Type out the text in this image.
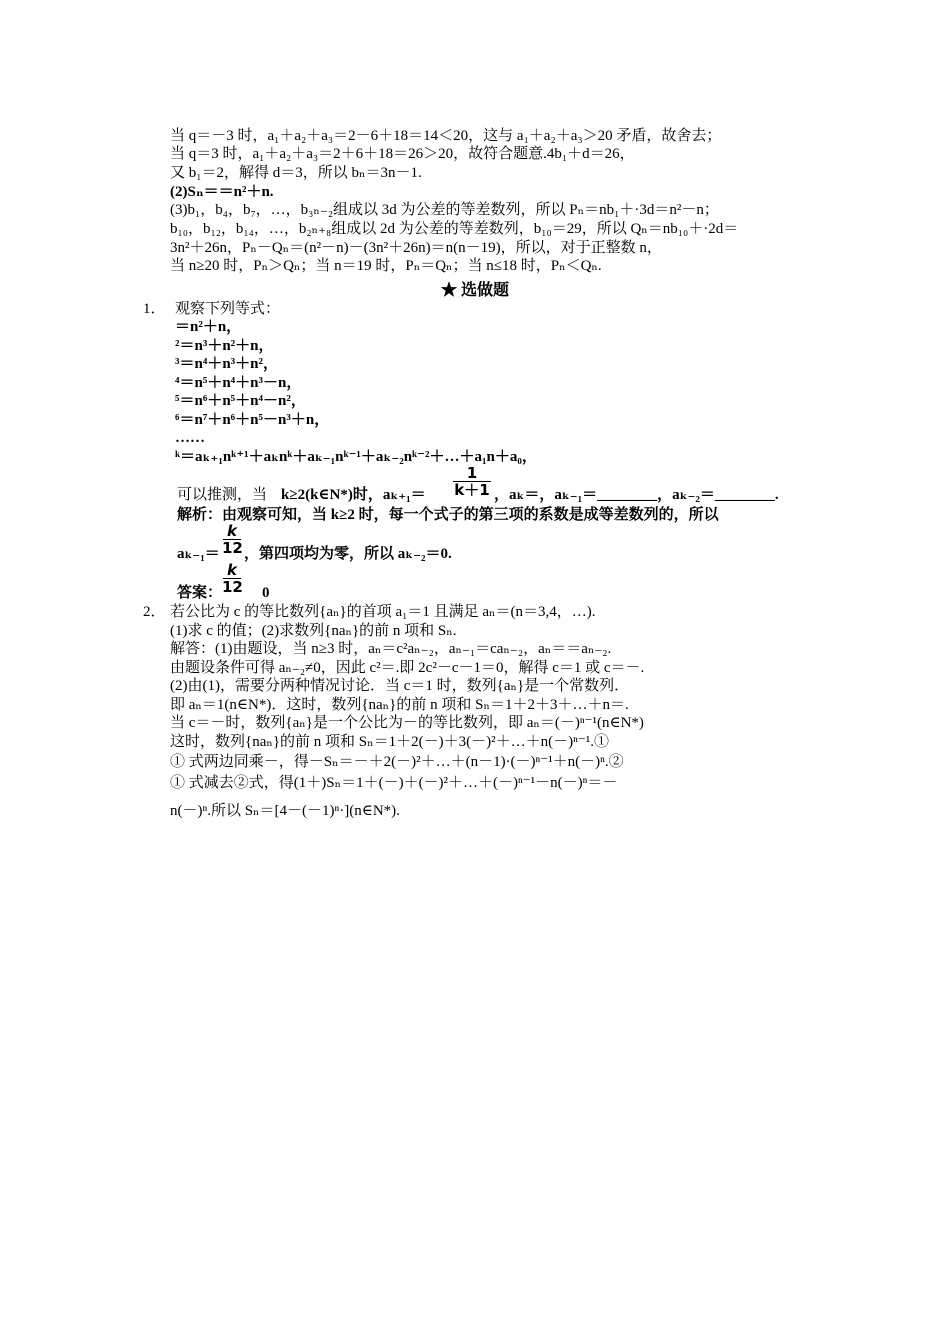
当 q＝－3 时，a₁＋a₂＋a₃＝2－6＋18＝14＜20，这与 a₁＋a₂＋a₃＞20 矛盾，故舍去；
当 q＝3 时，a₁＋a₂＋a₃＝2＋6＋18＝26＞20，故符合题意.4b₁＋d＝26，
又 b₁＝2，解得 d＝3，所以 bₙ＝3n－1.
(2)Sₙ＝＝n²＋n.
(3)b₁，b₄，b₇，…，b₃ₙ₋₂组成以 3d 为公差的等差数列，所以 Pₙ＝nb₁＋·3d＝n²－n；
b₁₀，b₁₂，b₁₄，…，b₂ₙ₊₈组成以 2d 为公差的等差数列，b₁₀＝29，所以 Qₙ＝nb₁₀＋·2d＝
3n²＋26n，Pₙ－Qₙ＝(n²－n)－(3n²＋26n)＝n(n－19)，所以，对于正整数 n，
当 n≥20 时，Pₙ＞Qₙ；当 n＝19 时，Pₙ＝Qₙ；当 n≤18 时，Pₙ＜Qₙ.
★ 选做题
1． 观察下列等式：
＝n²＋n，
²＝n³＋n²＋n，
³＝n⁴＋n³＋n²，
⁴＝n⁵＋n⁴＋n³－n，
⁵＝n⁶＋n⁵＋n⁴－n²，
⁶＝n⁷＋n⁶＋n⁵－n³＋n，
……
ᵏ＝aₖ₊₁nᵏ⁺¹＋aₖnᵏ＋aₖ₋₁nᵏ⁻¹＋aₖ₋₂nᵏ⁻²＋…＋a₁n＋a₀，
可以推测，当 k≥2(k∈N*)时，aₖ₊₁＝
1
k＋1 ，aₖ＝，aₖ₋₁＝________，aₖ₋₂＝________.
解析：由观察可知，当 k≥2 时，每一个式子的第三项的系数是成等差数列的，所以
aₖ₋₁＝
k
12 ，第四项均为零，所以 aₖ₋₂＝0.
答案：
k
12 0
2． 若公比为 c 的等比数列{aₙ}的首项 a₁＝1 且满足 aₙ＝(n＝3,4，…).
(1)求 c 的值；(2)求数列{naₙ}的前 n 项和 Sₙ.
解答：(1)由题设，当 n≥3 时，aₙ＝c²aₙ₋₂，aₙ₋₁＝caₙ₋₂，aₙ＝＝aₙ₋₂.
由题设条件可得 aₙ₋₂≠0，因此 c²＝.即 2c²－c－1＝0，解得 c＝1 或 c＝－.
(2)由(1)，需要分两种情况讨论．当 c＝1 时，数列{aₙ}是一个常数列．
即 aₙ＝1(n∈N*)．这时，数列{naₙ}的前 n 项和 Sₙ＝1＋2＋3＋…＋n＝.
当 c＝－时，数列{aₙ}是一个公比为－的等比数列，即 aₙ＝(－)ⁿ⁻¹(n∈N*)
这时，数列{naₙ}的前 n 项和 Sₙ＝1＋2(－)＋3(－)²＋…＋n(－)ⁿ⁻¹.①
① 式两边同乘－，得－Sₙ＝－＋2(－)²＋…＋(n－1)·(－)ⁿ⁻¹＋n(－)ⁿ.②
① 式减去②式，得(1＋)Sₙ＝1＋(－)＋(－)²＋…＋(－)ⁿ⁻¹－n(－)ⁿ＝－
n(－)ⁿ.所以 Sₙ＝[4－(－1)ⁿ·](n∈N*).
